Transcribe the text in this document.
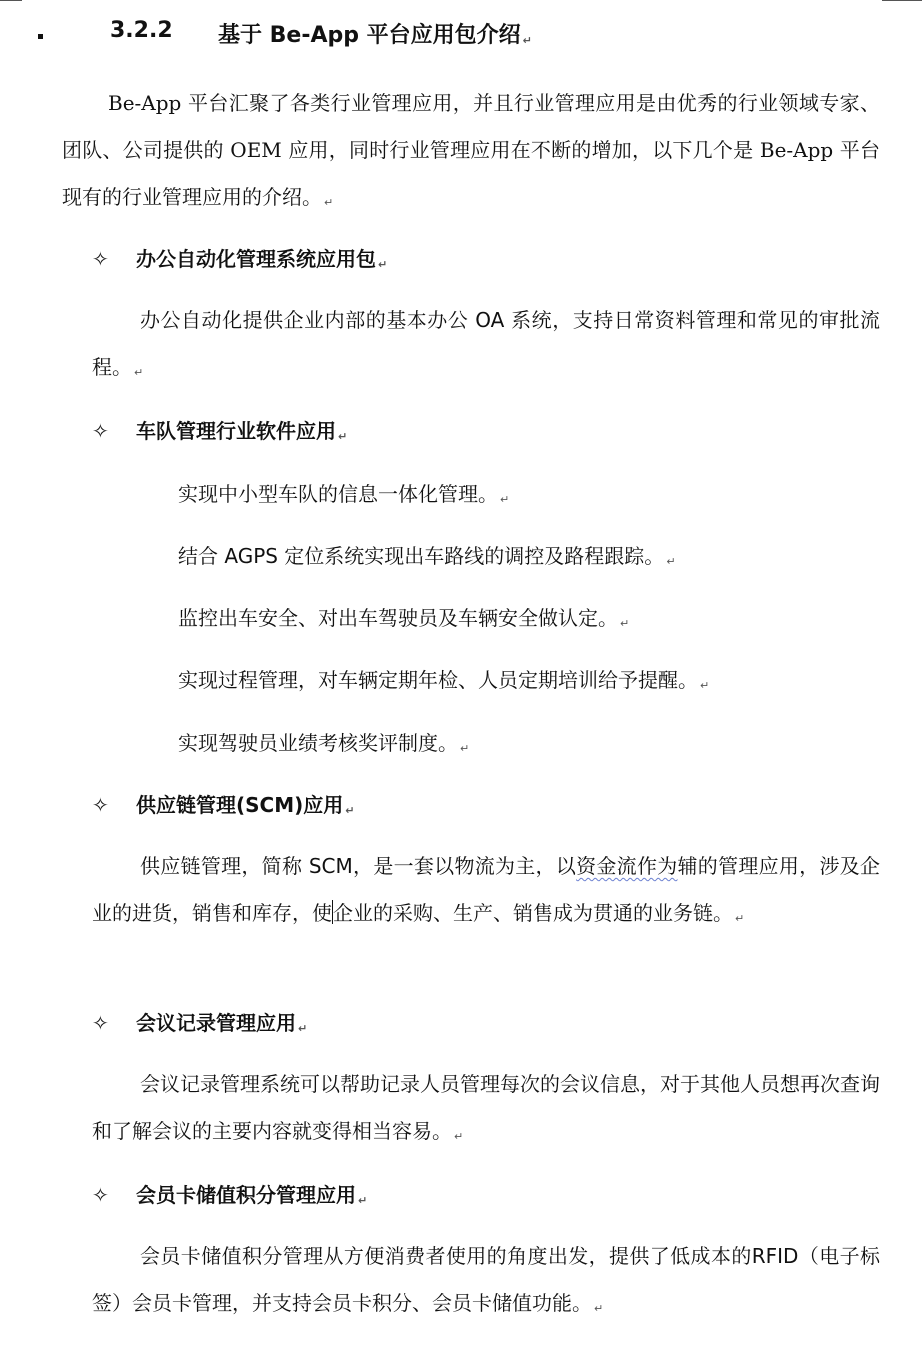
3.2.2 基于 Be-App 平台应用包介绍 ↵

Be-App 平台汇聚了各类行业管理应用，并且行业管理应用是由优秀的行业领域专家、团队、公司提供的 OEM 应用，同时行业管理应用在不断的增加，以下几个是 Be-App 平台现有的行业管理应用的介绍。 ↵

✧ 办公自动化管理系统应用包 ↵

办公自动化提供企业内部的基本办公 OA 系统，支持日常资料管理和常见的审批流程。 ↵

✧ 车队管理行业软件应用 ↵
实现中小型车队的信息一体化管理。 ↵
结合 AGPS 定位系统实现出车路线的调控及路程跟踪。 ↵
监控出车安全、对出车驾驶员及车辆安全做认定。 ↵
实现过程管理，对车辆定期年检、人员定期培训给予提醒。 ↵
实现驾驶员业绩考核奖评制度。 ↵
✧ 供应链管理(SCM)应用 ↵

供应链管理，简称 SCM，是一套以物流为主，以资金流作为辅的管理应用，涉及企业的进货，销售和库存，使企业的采购、生产、销售成为贯通的业务链。 ↵

✧ 会议记录管理应用 ↵

会议记录管理系统可以帮助记录人员管理每次的会议信息，对于其他人员想再次查询和了解会议的主要内容就变得相当容易。 ↵

✧ 会员卡储值积分管理应用 ↵

会员卡储值积分管理从方便消费者使用的角度出发，提供了低成本的RFID（电子标签）会员卡管理，并支持会员卡积分、会员卡储值功能。 ↵
